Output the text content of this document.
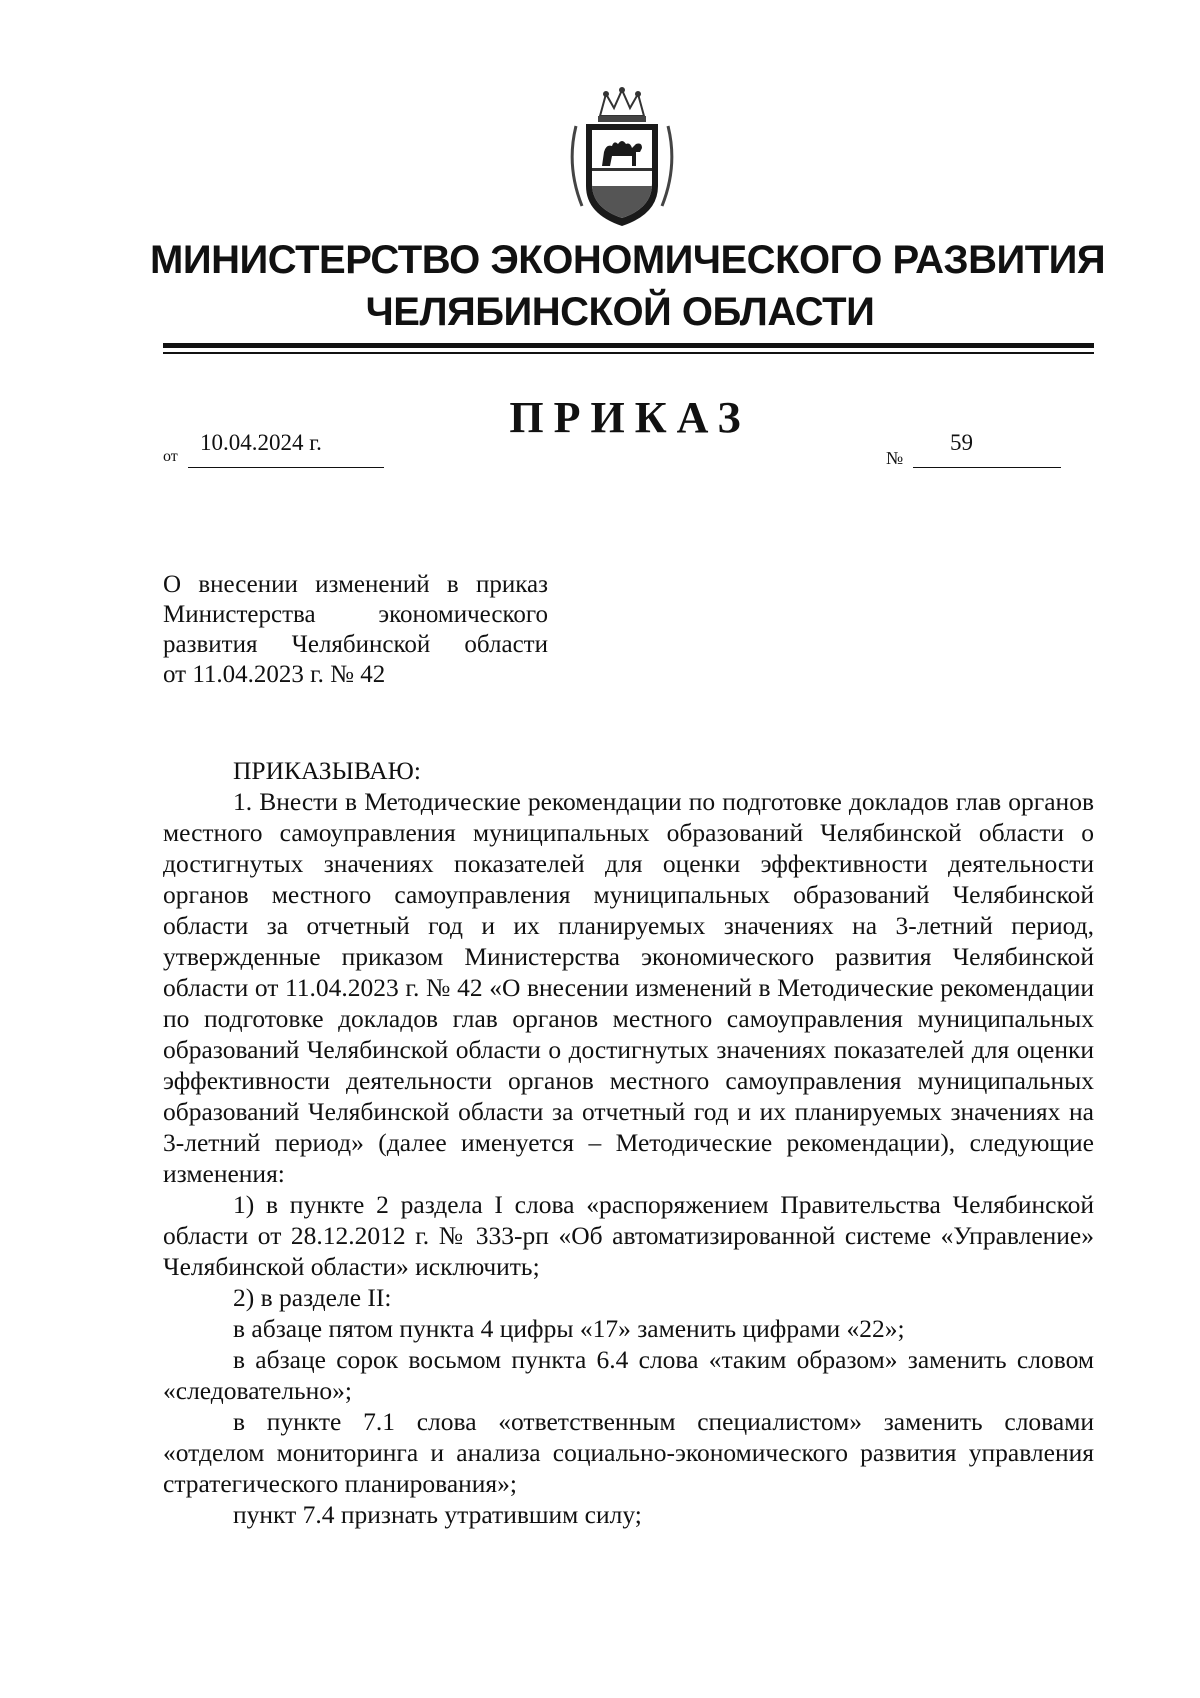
МИНИСТЕРСТВО ЭКОНОМИЧЕСКОГО РАЗВИТИЯ
ЧЕЛЯБИНСКОЙ ОБЛАСТИ
ПРИКАЗ
от
10.04.2024 г.
№
59
О внесении изменений в приказ
Министерства экономического
развития Челябинской области
от 11.04.2023 г. № 42

ПРИКАЗЫВАЮ:

1. Внести в Методические рекомендации по подготовке докладов глав органов местного самоуправления муниципальных образований Челябинской области о достигнутых значениях показателей для оценки эффективности деятельности органов местного самоуправления муниципальных образований Челябинской области за отчетный год и их планируемых значениях на 3-летний период, утвержденные приказом Министерства экономического развития Челябинской области от 11.04.2023 г. № 42 «О внесении изменений в Методические рекомендации по подготовке докладов глав органов местного самоуправления муниципальных образований Челябинской области о достигнутых значениях показателей для оценки эффективности деятельности органов местного самоуправления муниципальных образований Челябинской области за отчетный год и их планируемых значениях на 3-летний период» (далее именуется – Методические рекомендации), следующие изменения:

1) в пункте 2 раздела I слова «распоряжением Правительства Челябинской области от 28.12.2012 г. № 333-рп «Об автоматизированной системе «Управление» Челябинской области» исключить;

2) в разделе II:

в абзаце пятом пункта 4 цифры «17» заменить цифрами «22»;

в абзаце сорок восьмом пункта 6.4 слова «таким образом» заменить словом «следовательно»;

в пункте 7.1 слова «ответственным специалистом» заменить словами «отделом мониторинга и анализа социально-экономического развития управления стратегического планирования»;

пункт 7.4 признать утратившим силу;
